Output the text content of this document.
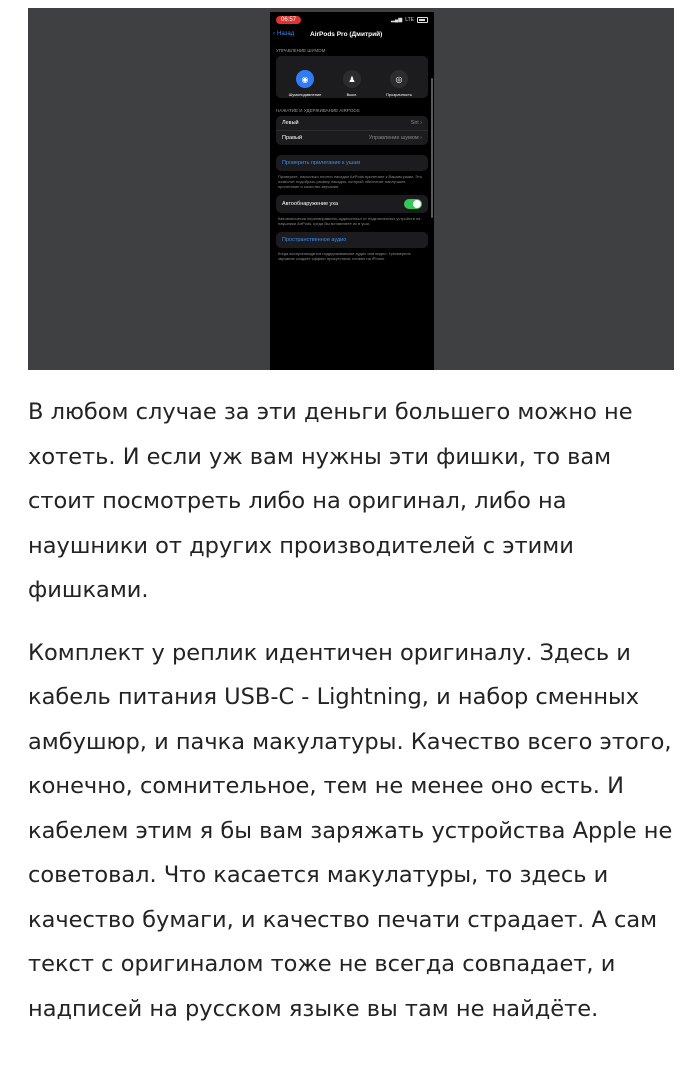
06:57	▂▄▆ LTE
‹ Назад AirPods Pro (Дмитрий)
УПРАВЛЕНИЕ ШУМОМ
◉
Шумоподавление
♟
Выкл.
◎
Прозрачность
НАЖАТИЕ И УДЕРЖИВАНИЕ AIRPODS
Левый	Siri ›
Правый	Управление шумом ›
Проверить прилегание к ушам
Проверьте, насколько плотно насадки AirPods прилегают к Вашим ушам. Это позволит подобрать размер насадок, который обеспечит наилучшее прилегание и качество звучания.
Автообнаружение уха
Автоматически перенаправлять аудиосигнал от подключенных устройств на наушники AirPods, когда Вы вставляете их в уши.
Пространственное аудио
Когда воспроизводится поддерживаемое аудио или видео, трехмерное звучание создает эффект присутствия, словно на iPhone.

В любом случае за эти деньги большего можно не хотеть. И если уж вам нужны эти фишки, то вам стоит посмотреть либо на оригинал, либо на наушники от других производителей с этими фишками.

Комплект у реплик идентичен оригиналу. Здесь и кабель питания USB-C - Lightning, и набор сменных амбушюр, и пачка макулатуры. Качество всего этого, конечно, сомнительное, тем не менее оно есть. И кабелем этим я бы вам заряжать устройства Apple не советовал. Что касается макулатуры, то здесь и качество бумаги, и качество печати страдает. А сам текст с оригиналом тоже не всегда совпадает, и надписей на русском языке вы там не найдёте.
